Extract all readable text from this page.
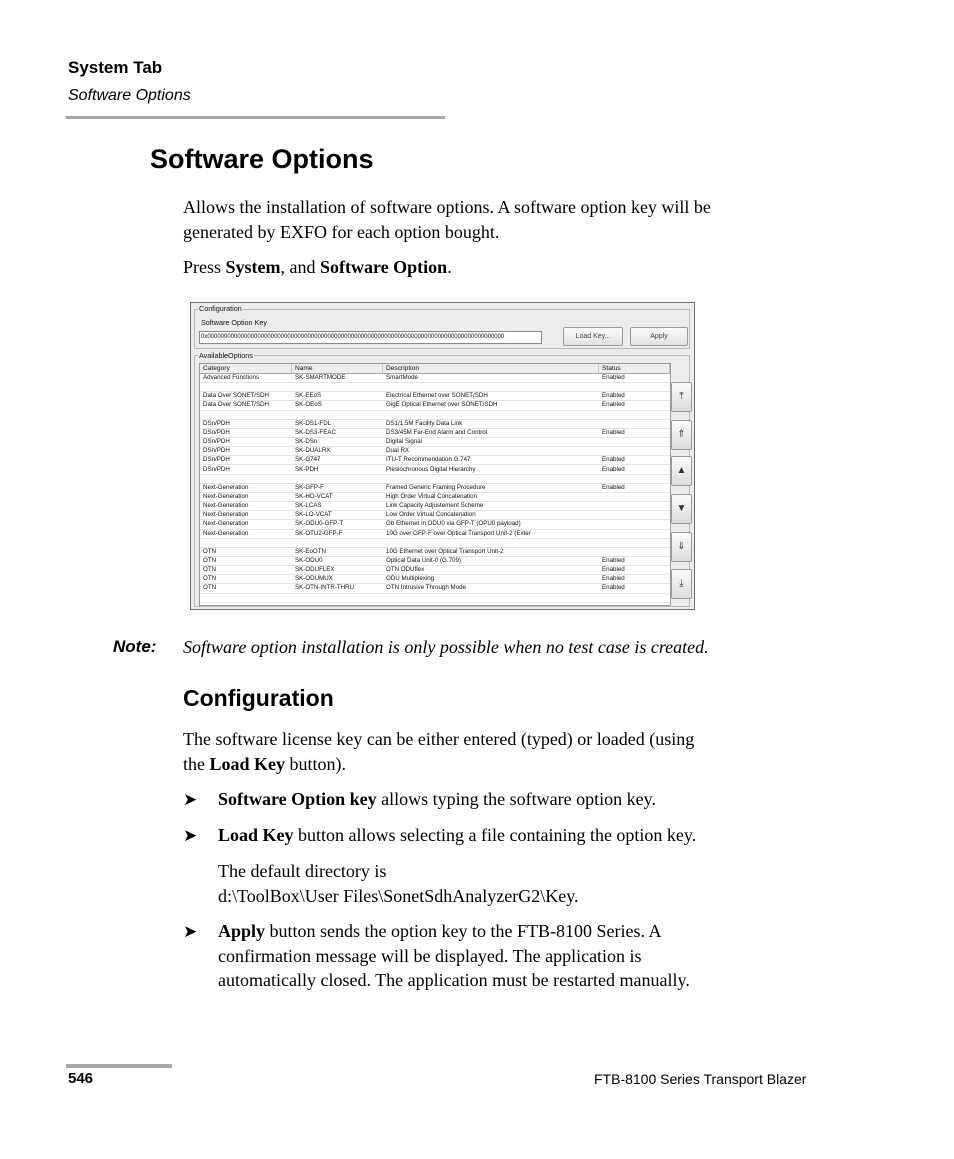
System Tab
Software Options
Software Options
Allows the installation of software options. A software option key will be
generated by EXFO for each option bought.
Press System, and Software Option.
Configuration
Software Option Key
0x00000000000000000000000000000000000000000000000000000000000000000000000000000000000000000	Load Key...	Apply
AvailableOptions
Category	Name	Description	Status
Advanced Functions	SK-SMARTMODE	SmartMode	Enabled
Data Over SONET/SDH	SK-EEoS	Electrical Ethernet over SONET/SDH	Enabled
Data Over SONET/SDH	SK-OEoS	GigE Optical Ethernet over SONET/SDH	Enabled
DSn/PDH	SK-DS1-FDL	DS1/1.5M Facility Data Link
DSn/PDH	SK-DS3-FEAC	DS3/45M Far-End Alarm and Control	Enabled
DSn/PDH	SK-DSn	Digital Signal
DSn/PDH	SK-DUALRX	Dual RX
DSn/PDH	SK-G747	ITU-T Recommendation G.747	Enabled
DSn/PDH	SK-PDH	Plesiochronous Digital Hierarchy	Enabled
Next-Generation	SK-GFP-F	Framed Generic Framing Procedure	Enabled
Next-Generation	SK-HO-VCAT	High Order Virtual Concatenation
Next-Generation	SK-LCAS	Link Capacity Adjustement Scheme
Next-Generation	SK-LO-VCAT	Low Order Virtual Concatenation
Next-Generation	SK-ODU0-GFP-T	Gb Ethernet in ODU0 via GFP-T (OPU0 payload)
Next-Generation	SK-OTU2-GFP-F	10G over GFP-F over Optical Transport Unit-2 (Exter
OTN	SK-EoOTN	10G Ethernet over Optical Transport Unit-2
OTN	SK-ODU0	Optical Data Unit-0 (G.709)	Enabled
OTN	SK-ODUFLEX	OTN ODUflex	Enabled
OTN	SK-ODUMUX	ODU Multiplexing	Enabled
OTN	SK-OTN-INTR-THRU	OTN Intrusive Through Mode	Enabled
⤒
⇑
▲
▼
⇓
⤓
Note: Software option installation is only possible when no test case is created.
Configuration
The software license key can be either entered (typed) or loaded (using
the Load Key button).
➤ Software Option key allows typing the software option key.
➤ Load Key button allows selecting a file containing the option key.
The default directory is
d:\ToolBox\User Files\SonetSdhAnalyzerG2\Key.
➤ Apply button sends the option key to the FTB-8100 Series. A
confirmation message will be displayed. The application is
automatically closed. The application must be restarted manually.
546	FTB-8100 Series Transport Blazer
